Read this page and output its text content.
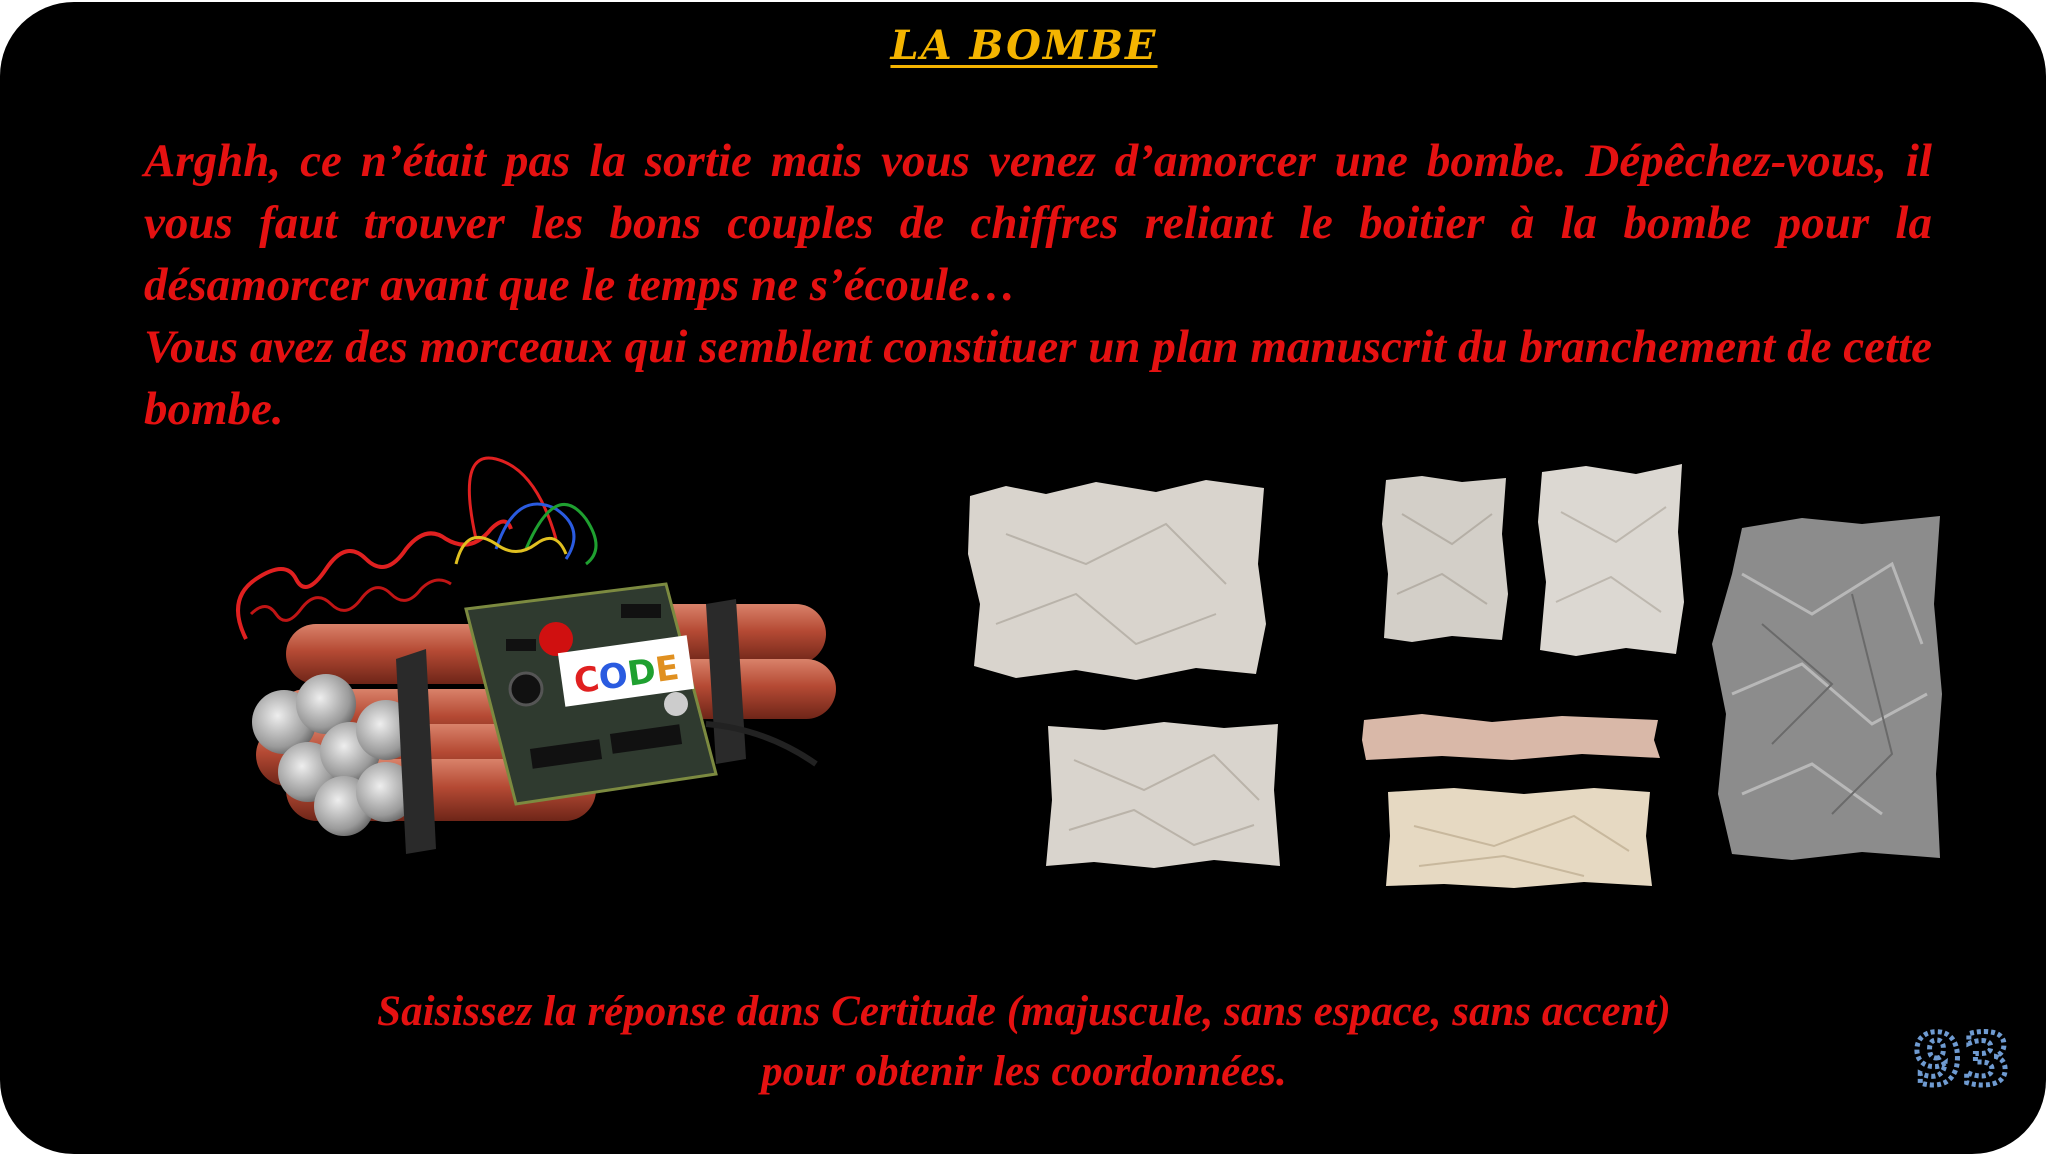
LA BOMBE

Arghh, ce n’était pas la sortie mais vous venez d’amorcer une bombe. Dépêchez-vous, il vous faut trouver les bons couples de chiffres reliant le boitier à la bombe pour la désamorcer avant que le temps ne s’écoule…

Vous avez des morceaux qui semblent constituer un plan manuscrit du branchement de cette bombe.

CODE
Saisissez la réponse dans Certitude (majuscule, sans espace, sans accent)
pour obtenir les coordonnées.	93
